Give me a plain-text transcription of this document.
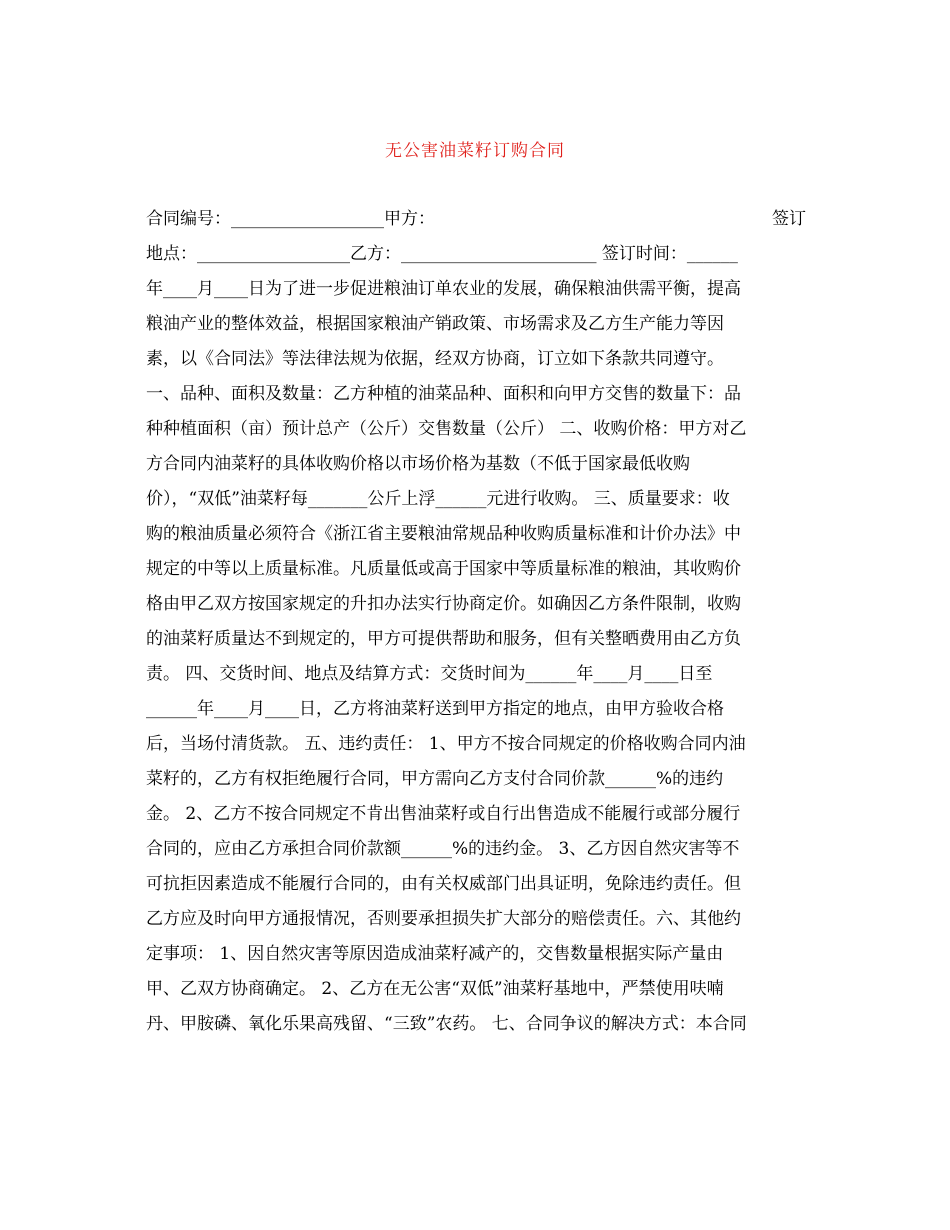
无公害油菜籽订购合同
合同编号：__________________甲方：	签订
地点：__________________乙方：_______________________ 签订时间：______
年____月____日为了进一步促进粮油订单农业的发展，确保粮油供需平衡，提高
粮油产业的整体效益，根据国家粮油产销政策、市场需求及乙方生产能力等因
素，以《合同法》等法律法规为依据，经双方协商，订立如下条款共同遵守。
一、品种、面积及数量：乙方种植的油菜品种、面积和向甲方交售的数量下：品
种种植面积（亩）预计总产（公斤）交售数量（公斤） 二、收购价格：甲方对乙
方合同内油菜籽的具体收购价格以市场价格为基数（不低于国家最低收购
价），“双低”油菜籽每_______公斤上浮______元进行收购。 三、质量要求：收
购的粮油质量必须符合《浙江省主要粮油常规品种收购质量标准和计价办法》中
规定的中等以上质量标准。凡质量低或高于国家中等质量标准的粮油，其收购价
格由甲乙双方按国家规定的升扣办法实行协商定价。如确因乙方条件限制，收购
的油菜籽质量达不到规定的，甲方可提供帮助和服务，但有关整晒费用由乙方负
责。 四、交货时间、地点及结算方式：交货时间为______年____月____日至
______年____月____日，乙方将油菜籽送到甲方指定的地点，由甲方验收合格
后，当场付清货款。 五、违约责任： 1、甲方不按合同规定的价格收购合同内油
菜籽的，乙方有权拒绝履行合同，甲方需向乙方支付合同价款______%的违约
金。 2、乙方不按合同规定不肯出售油菜籽或自行出售造成不能履行或部分履行
合同的，应由乙方承担合同价款额______%的违约金。 3、乙方因自然灾害等不
可抗拒因素造成不能履行合同的，由有关权威部门出具证明，免除违约责任。但
乙方应及时向甲方通报情况，否则要承担损失扩大部分的赔偿责任。六、其他约
定事项： 1、因自然灾害等原因造成油菜籽减产的，交售数量根据实际产量由
甲、乙双方协商确定。 2、乙方在无公害“双低”油菜籽基地中，严禁使用呋喃
丹、甲胺磷、氧化乐果高残留、“三致”农药。 七、合同争议的解决方式：本合同
